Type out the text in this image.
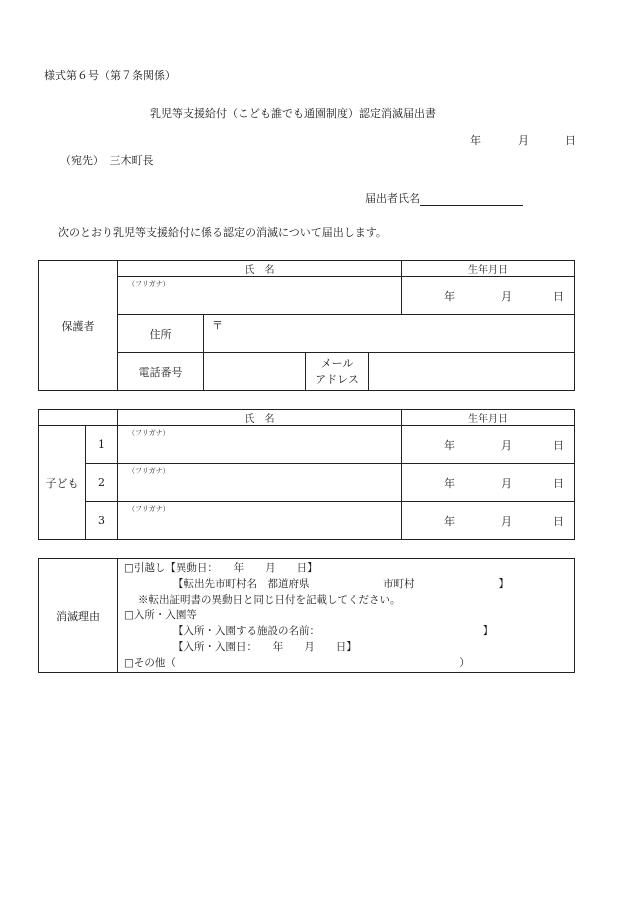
様式第６号（第７条関係）
乳児等支援給付（こども誰でも通園制度）認定消滅届出書
年	月	日
（宛先）　三木町長
届出者氏名
次のとおり乳児等支援給付に係る認定の消滅について届出します。
保護者	氏　名				生年月日

	（フリガナ）				年 月 日

	住所	〒			

	電話番号		メール
アドレス		

		氏　名	生年月日
子ども	1	（フリガナ）	年 月 日

	2	（フリガナ）	年 月 日

	3	（フリガナ）	年 月 日
消滅理由	
□引越し【異動日：　　年　　月　　日】
【転出先市町村名　都道府県　　　　　　　市町村　　　　　　　　】
※転出証明書の異動日と同じ日付を記載してください。
□入所・入園等
【入所・入園する施設の名前：　　　　　　　　　　　　　　　　】
【入所・入園日：　　年　　月　　日】
□その他（　　　　　　　　　　　　　　　　　　　　　　　　　　　）
